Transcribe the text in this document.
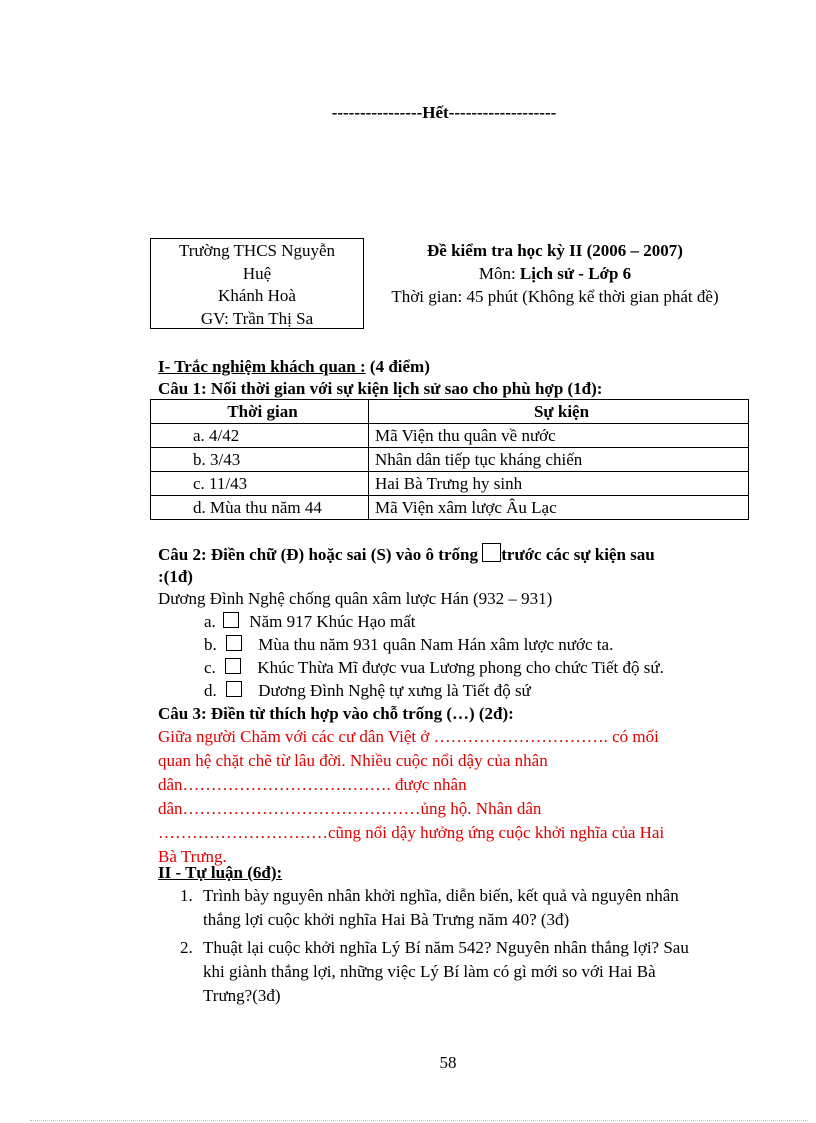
----------------Hết-------------------
Trường THCS Nguyễn
Huệ
Khánh Hoà
GV: Trần Thị Sa
Đề kiểm tra học kỳ II (2006 – 2007)
Môn: Lịch sử - Lớp 6
Thời gian: 45 phút (Không kể thời gian phát đề)
I- Trắc nghiệm khách quan : (4 điểm)
Câu 1: Nối thời gian với sự kiện lịch sử sao cho phù hợp (1đ):
Thời gian	Sự kiện
a. 4/42	Mã Viện thu quân về nước
b. 3/43	Nhân dân tiếp tục kháng chiến
c. 11/43	Hai Bà Trưng hy sinh
d. Mùa thu năm 44	Mã Viện xâm lược Âu Lạc
Câu 2: Điền chữ (Đ) hoặc sai (S) vào ô trống trước các sự kiện sau
:(1đ)
Dương Đình Nghệ chống quân xâm lược Hán (932 – 931)
a. Năm 917 Khúc Hạo mất
b. Mùa thu năm 931 quân Nam Hán xâm lược nước ta.
c. Khúc Thừa Mĩ được vua Lương phong cho chức Tiết độ sứ.
d. Dương Đình Nghệ tự xưng là Tiết độ sứ
Câu 3: Điền từ thích hợp vào chỗ trống (…) (2đ):
Giữa người Chăm với các cư dân Việt ở …………………………. có mối
quan hệ chặt chẽ từ lâu đời. Nhiều cuộc nổi dậy của nhân
dân………………………………. được nhân
dân……………………………………ủng hộ. Nhân dân
…………………………cũng nổi dậy hưởng ứng cuộc khởi nghĩa của Hai
Bà Trưng.
II - Tự luận (6đ):
1. Trình bày nguyên nhân khởi nghĩa, diễn biến, kết quả và nguyên nhân
thắng lợi cuộc khởi nghĩa Hai Bà Trưng năm 40? (3đ)
2. Thuật lại cuộc khởi nghĩa Lý Bí năm 542? Nguyên nhân thắng lợi? Sau
khi giành thắng lợi, những việc Lý Bí làm có gì mới so với Hai Bà
Trưng?(3đ)
58
